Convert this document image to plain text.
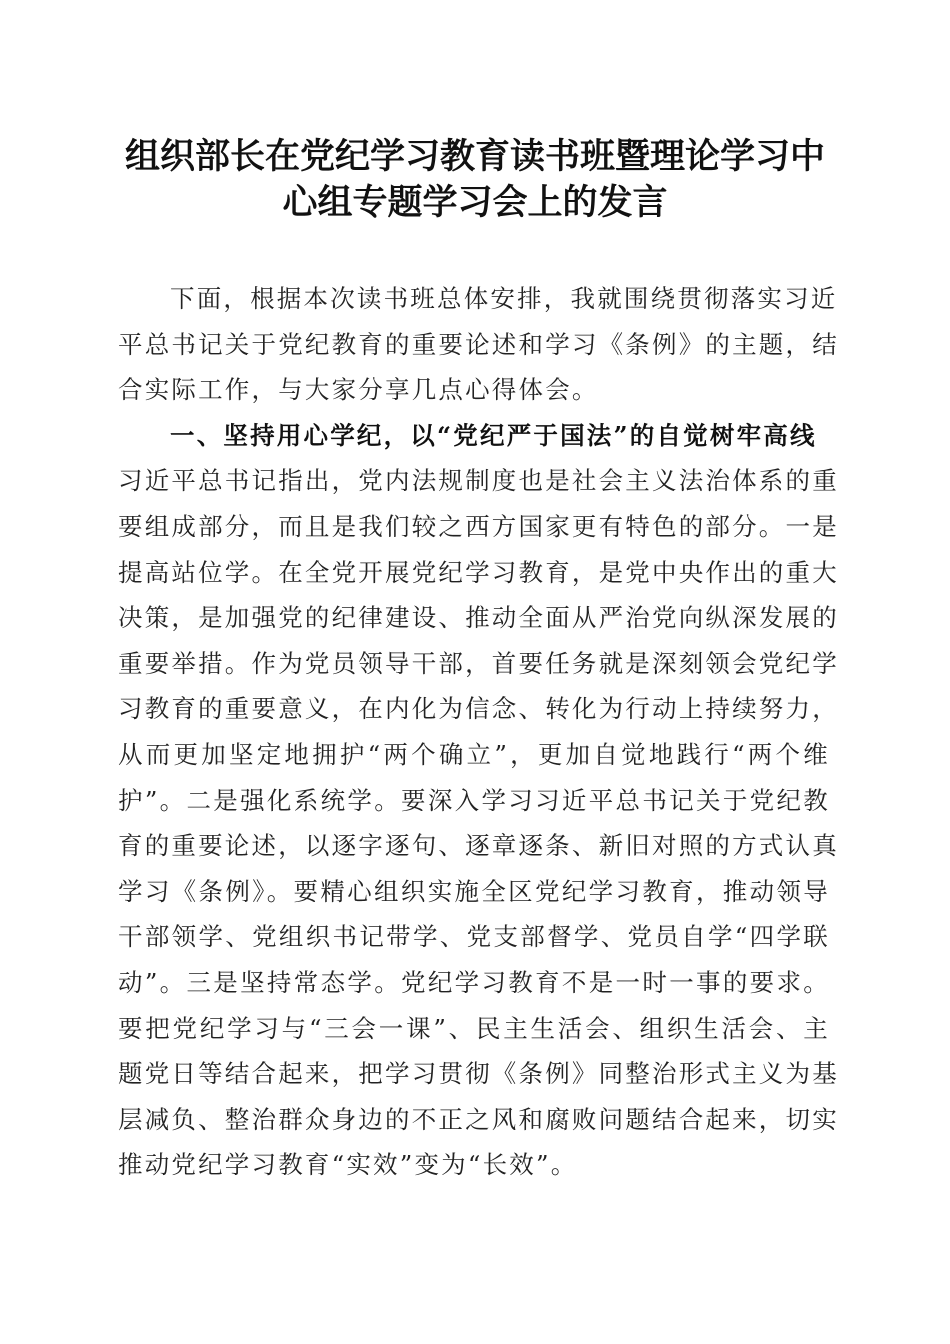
组织部长在党纪学习教育读书班暨理论学习中
心组专题学习会上的发言
下面，根据本次读书班总体安排，我就围绕贯彻落实习近
平总书记关于党纪教育的重要论述和学习《条例》的主题，结
合实际工作，与大家分享几点心得体会。
一、坚持用心学纪，以“党纪严于国法”的自觉树牢高线
习近平总书记指出，党内法规制度也是社会主义法治体系的重
要组成部分，而且是我们较之西方国家更有特色的部分。一是
提高站位学。在全党开展党纪学习教育，是党中央作出的重大
决策，是加强党的纪律建设、推动全面从严治党向纵深发展的
重要举措。作为党员领导干部，首要任务就是深刻领会党纪学
习教育的重要意义，在内化为信念、转化为行动上持续努力，
从而更加坚定地拥护“两个确立”，更加自觉地践行“两个维
护”。二是强化系统学。要深入学习习近平总书记关于党纪教
育的重要论述，以逐字逐句、逐章逐条、新旧对照的方式认真
学习《条例》。要精心组织实施全区党纪学习教育，推动领导
干部领学、党组织书记带学、党支部督学、党员自学“四学联
动”。三是坚持常态学。党纪学习教育不是一时一事的要求。
要把党纪学习与“三会一课”、民主生活会、组织生活会、主
题党日等结合起来，把学习贯彻《条例》同整治形式主义为基
层减负、整治群众身边的不正之风和腐败问题结合起来，切实
推动党纪学习教育“实效”变为“长效”。
